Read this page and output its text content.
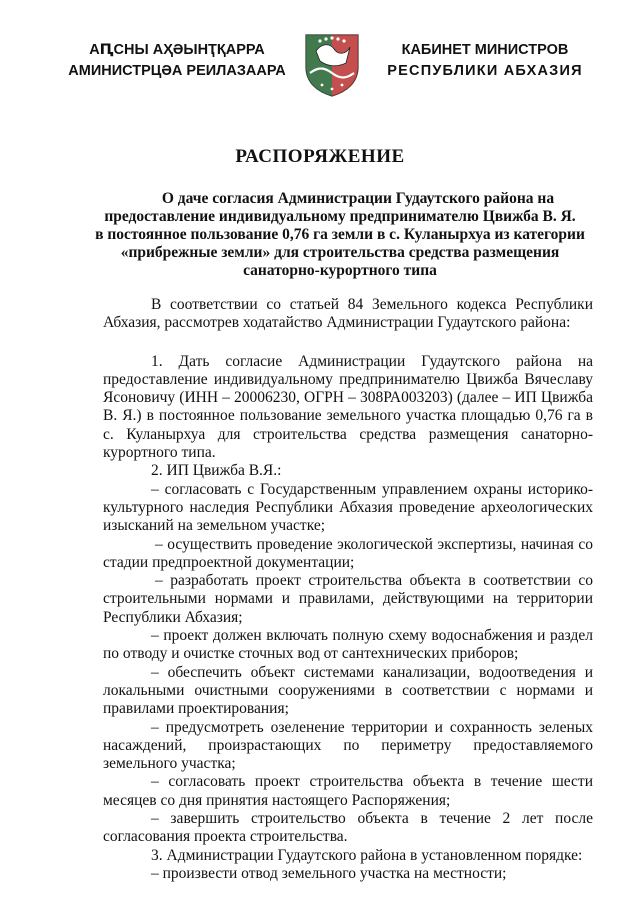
АԤСНЫ АҲӘЫНҬҚАРРА
АМИНИСТРЦӘА РЕИЛАЗААРА
КАБИНЕТ МИНИСТРОВ
РЕСПУБЛИКИ АБХАЗИЯ
РАСПОРЯЖЕНИЕ
О даче согласия Администрации Гудаутского района на
предоставление индивидуальному предпринимателю Цвижба В. Я.
в постоянное пользование 0,76 га земли в с. Куланырхуа из категории
«прибрежные земли» для строительства средства размещения
санаторно-курортного типа

В соответствии со статьей 84 Земельного кодекса Республики Абхазия, рассмотрев ходатайство Администрации Гудаутского района:

1. Дать согласие Администрации Гудаутского района на предоставление индивидуальному предпринимателю Цвижба Вячеславу Ясоновичу (ИНН – 20006230, ОГРН – 308РА003203) (далее – ИП Цвижба В. Я.) в постоянное пользование земельного участка площадью 0,76 га в с. Куланырхуа для строительства средства размещения санаторно-курортного типа.

2. ИП Цвижба В.Я.:

– согласовать с Государственным управлением охраны историко-культурного наследия Республики Абхазия проведение археологических изысканий на земельном участке;

– осуществить проведение экологической экспертизы, начиная со стадии предпроектной документации;

– разработать проект строительства объекта в соответствии со строительными нормами и правилами, действующими на территории Республики Абхазия;

– проект должен включать полную схему водоснабжения и раздел по отводу и очистке сточных вод от сантехнических приборов;

– обеспечить объект системами канализации, водоотведения и локальными очистными сооружениями в соответствии с нормами и правилами проектирования;

– предусмотреть озеленение территории и сохранность зеленых насаждений, произрастающих по периметру предоставляемого земельного участка;

– согласовать проект строительства объекта в течение шести месяцев со дня принятия настоящего Распоряжения;

– завершить строительство объекта в течение 2 лет после согласования проекта строительства.

3. Администрации Гудаутского района в установленном порядке:

– произвести отвод земельного участка на местности;
